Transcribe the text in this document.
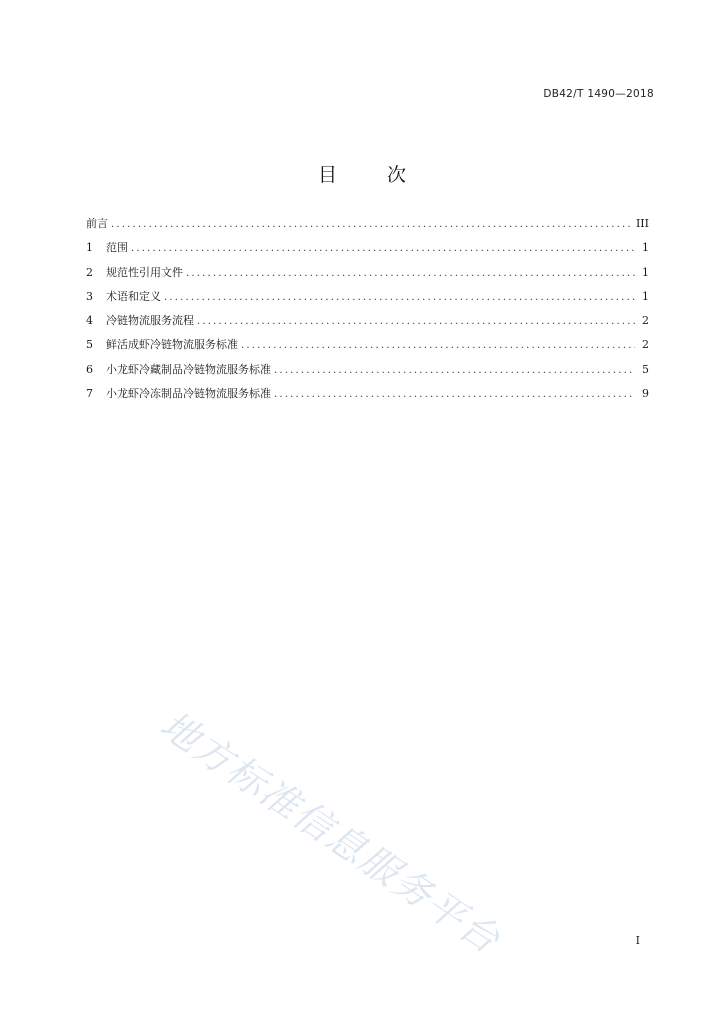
DB42/T 1490—2018
目 次
前言 .....	III
1	范围 .....	1
2	规范性引用文件 .....	1
3	术语和定义 .....	1
4	冷链物流服务流程 .....	2
5	鲜活成虾冷链物流服务标准 .....	2
6	小龙虾冷藏制品冷链物流服务标准 .....	5
7	小龙虾冷冻制品冷链物流服务标准 .....	9
地方标准信息服务平台	I
